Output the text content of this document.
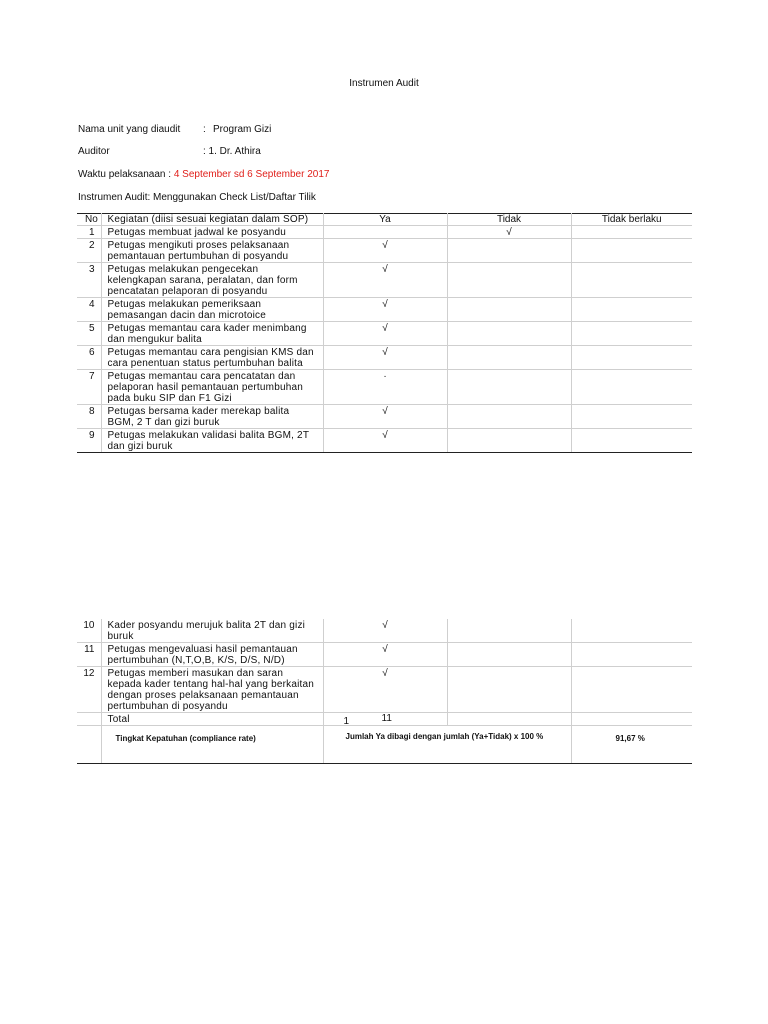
Instrumen Audit
Nama unit yang diaudit : Program Gizi
Auditor	: 1. Dr. Athira
Waktu pelaksanaan : 4 September sd 6 September 2017
Instrumen Audit: Menggunakan Check List/Daftar Tilik
No	Kegiatan (diisi sesuai kegiatan dalam SOP)	Ya	Tidak	Tidak berlaku
1	Petugas membuat jadwal ke posyandu		√	
2	Petugas mengikuti proses pelaksanaan
pemantauan pertumbuhan di posyandu	√		
3	Petugas melakukan pengecekan
kelengkapan sarana, peralatan, dan form
pencatatan pelaporan di posyandu	√		
4	Petugas melakukan pemeriksaan
pemasangan dacin dan microtoice	√		
5	Petugas memantau cara kader menimbang
dan mengukur balita	√		
6	Petugas memantau cara pengisian KMS dan
cara penentuan status pertumbuhan balita	√		
7	Petugas memantau cara pencatatan dan
pelaporan hasil pemantauan pertumbuhan
pada buku SIP dan F1 Gizi	·		
8	Petugas bersama kader merekap balita
BGM, 2 T dan gizi buruk	√		
9	Petugas melakukan validasi balita BGM, 2T
dan gizi buruk	√		
10	Kader posyandu merujuk balita 2T dan gizi
buruk	√		
11	Petugas mengevaluasi hasil pemantauan
pertumbuhan (N,T,O,B, K/S, D/S, N/D)	√		
12	Petugas memberi masukan dan saran
kepada kader tentang hal-hal yang berkaitan
dengan proses pelaksanaan pemantauan
pertumbuhan di posyandu	√		
	Total	1 11		

	Tingkat Kepatuhan (compliance rate)	Jumlah Ya dibagi dengan jumlah (Ya+Tidak) x 100 %		91,67 %
